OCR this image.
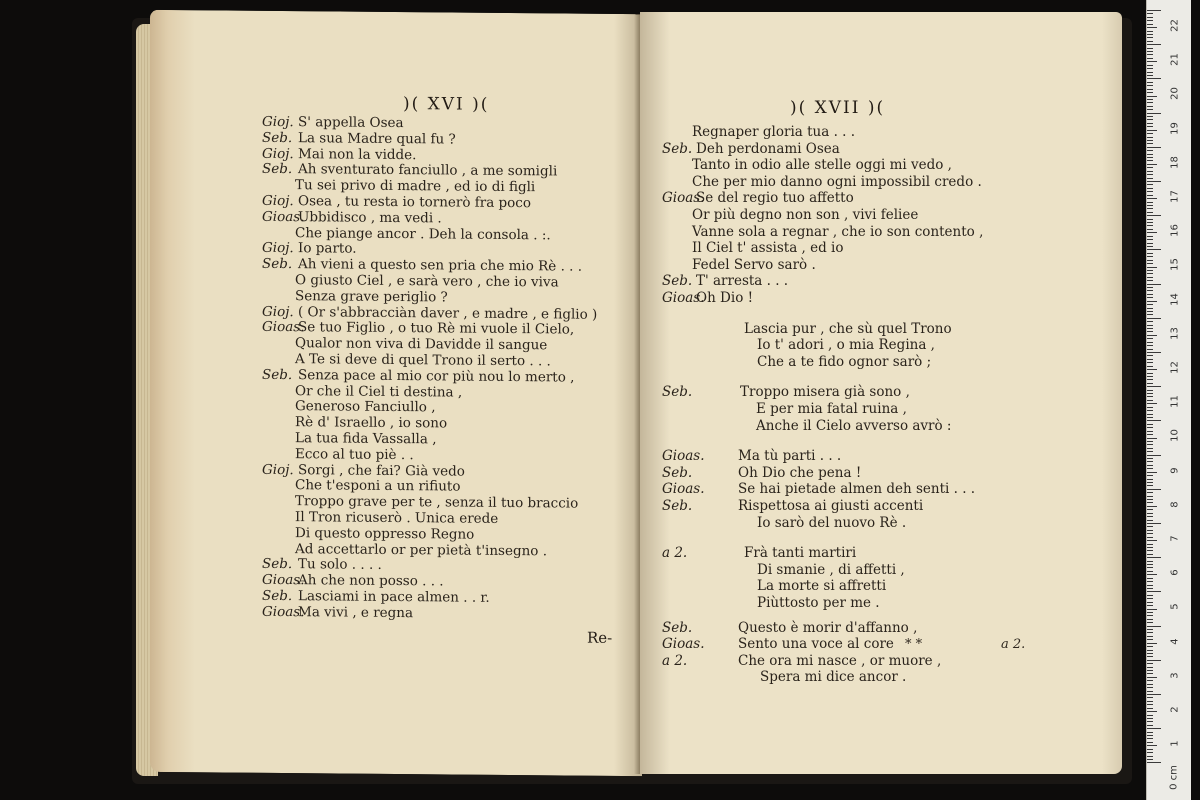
)( XVI )(
Gioj. S' appella Osea
Seb. La sua Madre qual fu ?
Gioj. Mai non la vidde.
Seb. Ah sventurato fanciullo , a me somigli
Tu sei privo di madre , ed io di figli
Gioj. Osea , tu resta io tornerò fra poco
Gioas.
Ubbidisco , ma vedi .
Che piange ancor . Deh la consola . :.
Gioj. Io parto.
Seb. Ah vieni a questo sen pria che mio Rè . . .
O giusto Ciel , e sarà vero , che io viva
Senza grave periglio ?
Gioj. ( Or s'abbracciàn daver , e madre , e figlio )
Gioas.
Se tuo Figlio , o tuo Rè mi vuole il Cielo,
Qualor non viva di Davidde il sangue
A Te si deve di quel Trono il serto . . .
Seb. Senza pace al mio cor più nou lo merto ,
Or che il Ciel ti destina ,
Generoso Fanciullo ,
Rè d' Israello , io sono
La tua fida Vassalla ,
Ecco al tuo piè . .
Gioj. Sorgi , che fai? Già vedo
Che t'esponi a un rifiuto
Troppo grave per te , senza il tuo braccio
Il Tron ricuserò . Unica erede
Di questo oppresso Regno
Ad accettarlo or per pietà t'insegno .
Seb. Tu solo . . . .
Gioas.
Ah che non posso . . .
Seb. Lasciami in pace almen . . r.
Gioas.
Ma vivi , e regna
Re-
)( XVII )(
Regnaper gloria tua . . .
Seb. Deh perdonami Osea
Tanto in odio alle stelle oggi mi vedo ,
Che per mio danno ogni impossibil credo .
Gioas.
Se del regio tuo affetto
Or più degno non son , vivi feliee
Vanne sola a regnar , che io son contento ,
Il Ciel t' assista , ed io
Fedel Servo sarò .
Seb. T' arresta . . .
Gioas.
Oh Dio !
Lascia pur , che sù quel Trono
Io t' adori , o mia Regina ,
Che a te fido ognor sarò ;
Seb.	Troppo misera già sono ,
E per mia fatal ruina ,
Anche il Cielo avverso avrò :
Gioas. Ma tù parti . . .
Seb.	Oh Dio che pena !
Gioas. Se hai pietade almen deh senti . . .
Seb.	Rispettosa ai giusti accenti
Io sarò del nuovo Rè .
a 2.	Frà tanti martiri
Di smanie , di affetti ,
La morte si affretti
Piùttosto per me .
Seb.	Questo è morir d'affanno ,
Gioas. Sento una voce al core
a 2.	Che ora mi nasce , or muore ,
Spera mi dice ancor .
* *	a 2.
22
21
20
19
18
17
16
15
14
13
12
11
10
9
8
7
6
5
4
3
2
1
0 cm
